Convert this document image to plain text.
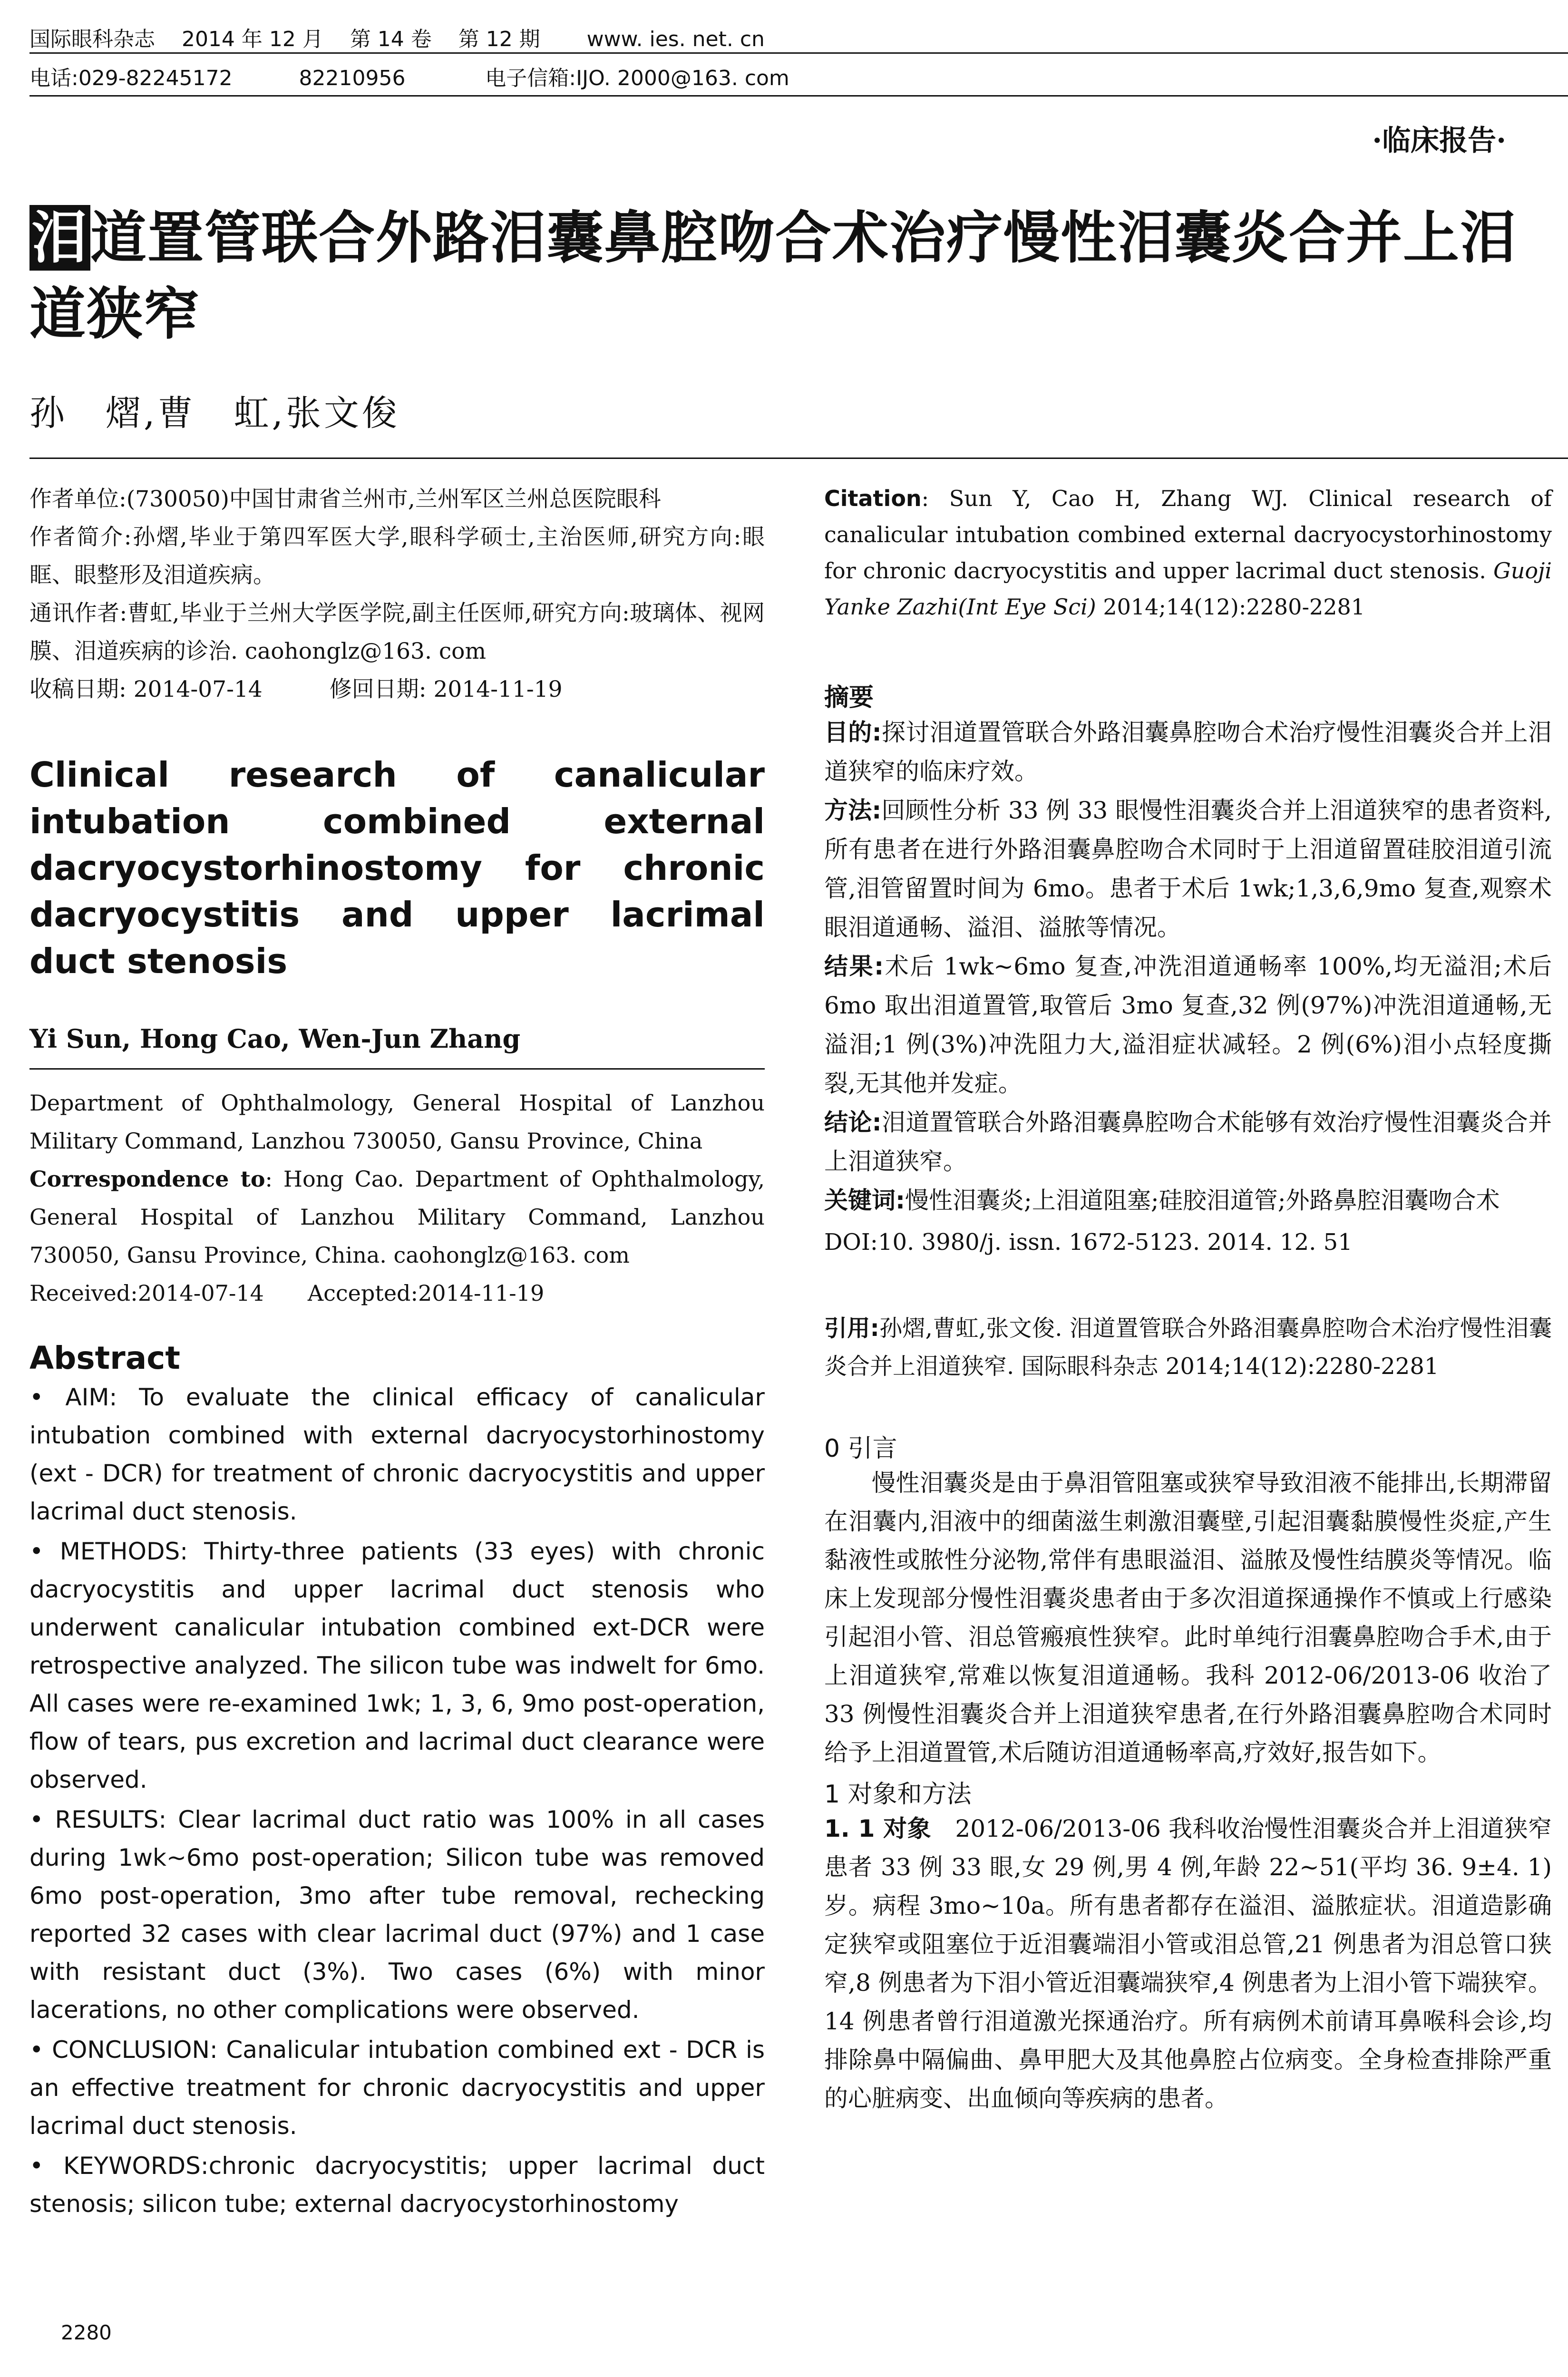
国际眼科杂志    2014 年 12 月    第 14 卷    第 12 期       www. ies. net. cn
电话:029-82245172          82210956            电子信箱:IJO. 2000@163. com
·临床报告·
泪道置管联合外路泪囊鼻腔吻合术治疗慢性泪囊炎合并上泪道狭窄
孙　熠,曹　虹,张文俊

作者单位:(730050)中国甘肃省兰州市,兰州军区兰州总医院眼科

作者简介:孙熠,毕业于第四军医大学,眼科学硕士,主治医师,研究方向:眼眶、眼整形及泪道疾病。

通讯作者:曹虹,毕业于兰州大学医学院,副主任医师,研究方向:玻璃体、视网膜、泪道疾病的诊治. caohonglz@163. com

收稿日期: 2014-07-14　　　修回日期: 2014-11-19

Clinical research of canalicular intubation combined external dacryocystorhinostomy for chronic dacryocystitis and upper lacrimal duct stenosis
Yi Sun, Hong Cao, Wen-Jun Zhang

Department of Ophthalmology, General Hospital of Lanzhou Military Command, Lanzhou 730050, Gansu Province, China

Correspondence to: Hong Cao. Department of Ophthalmology, General Hospital of Lanzhou Military Command, Lanzhou 730050, Gansu Province, China. caohonglz@163. com

Received:2014-07-14　　Accepted:2014-11-19

Abstract

• AIM: To evaluate the clinical efficacy of canalicular intubation combined with external dacryocystorhinostomy (ext - DCR) for treatment of chronic dacryocystitis and upper lacrimal duct stenosis.

• METHODS: Thirty-three patients (33 eyes) with chronic dacryocystitis and upper lacrimal duct stenosis who underwent canalicular intubation combined ext-DCR were retrospective analyzed. The silicon tube was indwelt for 6mo. All cases were re-examined 1wk; 1, 3, 6, 9mo post-operation, flow of tears, pus excretion and lacrimal duct clearance were observed.

• RESULTS: Clear lacrimal duct ratio was 100% in all cases during 1wk~6mo post-operation; Silicon tube was removed 6mo post-operation, 3mo after tube removal, rechecking reported 32 cases with clear lacrimal duct (97%) and 1 case with resistant duct (3%). Two cases (6%) with minor lacerations, no other complications were observed.

• CONCLUSION: Canalicular intubation combined ext - DCR is an effective treatment for chronic dacryocystitis and upper lacrimal duct stenosis.

• KEYWORDS:chronic dacryocystitis; upper lacrimal duct stenosis; silicon tube; external dacryocystorhinostomy

Citation: Sun Y, Cao H, Zhang WJ. Clinical research of canalicular intubation combined external dacryocystorhinostomy for chronic dacryocystitis and upper lacrimal duct stenosis. Guoji Yanke Zazhi(Int Eye Sci) 2014;14(12):2280-2281

摘要

目的:探讨泪道置管联合外路泪囊鼻腔吻合术治疗慢性泪囊炎合并上泪道狭窄的临床疗效。

方法:回顾性分析 33 例 33 眼慢性泪囊炎合并上泪道狭窄的患者资料,所有患者在进行外路泪囊鼻腔吻合术同时于上泪道留置硅胶泪道引流管,泪管留置时间为 6mo。患者于术后 1wk;1,3,6,9mo 复查,观察术眼泪道通畅、溢泪、溢脓等情况。

结果:术后 1wk~6mo 复查,冲洗泪道通畅率 100%,均无溢泪;术后 6mo 取出泪道置管,取管后 3mo 复查,32 例(97%)冲洗泪道通畅,无溢泪;1 例(3%)冲洗阻力大,溢泪症状减轻。2 例(6%)泪小点轻度撕裂,无其他并发症。

结论:泪道置管联合外路泪囊鼻腔吻合术能够有效治疗慢性泪囊炎合并上泪道狭窄。

关键词:慢性泪囊炎;上泪道阻塞;硅胶泪道管;外路鼻腔泪囊吻合术

DOI:10. 3980/j. issn. 1672-5123. 2014. 12. 51

引用:孙熠,曹虹,张文俊. 泪道置管联合外路泪囊鼻腔吻合术治疗慢性泪囊炎合并上泪道狭窄. 国际眼科杂志 2014;14(12):2280-2281

0 引言

慢性泪囊炎是由于鼻泪管阻塞或狭窄导致泪液不能排出,长期滞留在泪囊内,泪液中的细菌滋生刺激泪囊壁,引起泪囊黏膜慢性炎症,产生黏液性或脓性分泌物,常伴有患眼溢泪、溢脓及慢性结膜炎等情况。临床上发现部分慢性泪囊炎患者由于多次泪道探通操作不慎或上行感染引起泪小管、泪总管瘢痕性狭窄。此时单纯行泪囊鼻腔吻合手术,由于上泪道狭窄,常难以恢复泪道通畅。我科 2012-06/2013-06 收治了 33 例慢性泪囊炎合并上泪道狭窄患者,在行外路泪囊鼻腔吻合术同时给予上泪道置管,术后随访泪道通畅率高,疗效好,报告如下。

1 对象和方法

1. 1 对象　 2012-06/2013-06 我科收治慢性泪囊炎合并上泪道狭窄患者 33 例 33 眼,女 29 例,男 4 例,年龄 22~51(平均 36. 9±4. 1)岁。病程 3mo~10a。所有患者都存在溢泪、溢脓症状。泪道造影确定狭窄或阻塞位于近泪囊端泪小管或泪总管,21 例患者为泪总管口狭窄,8 例患者为下泪小管近泪囊端狭窄,4 例患者为上泪小管下端狭窄。14 例患者曾行泪道激光探通治疗。所有病例术前请耳鼻喉科会诊,均排除鼻中隔偏曲、鼻甲肥大及其他鼻腔占位病变。全身检查排除严重的心脏病变、出血倾向等疾病的患者。

2280
